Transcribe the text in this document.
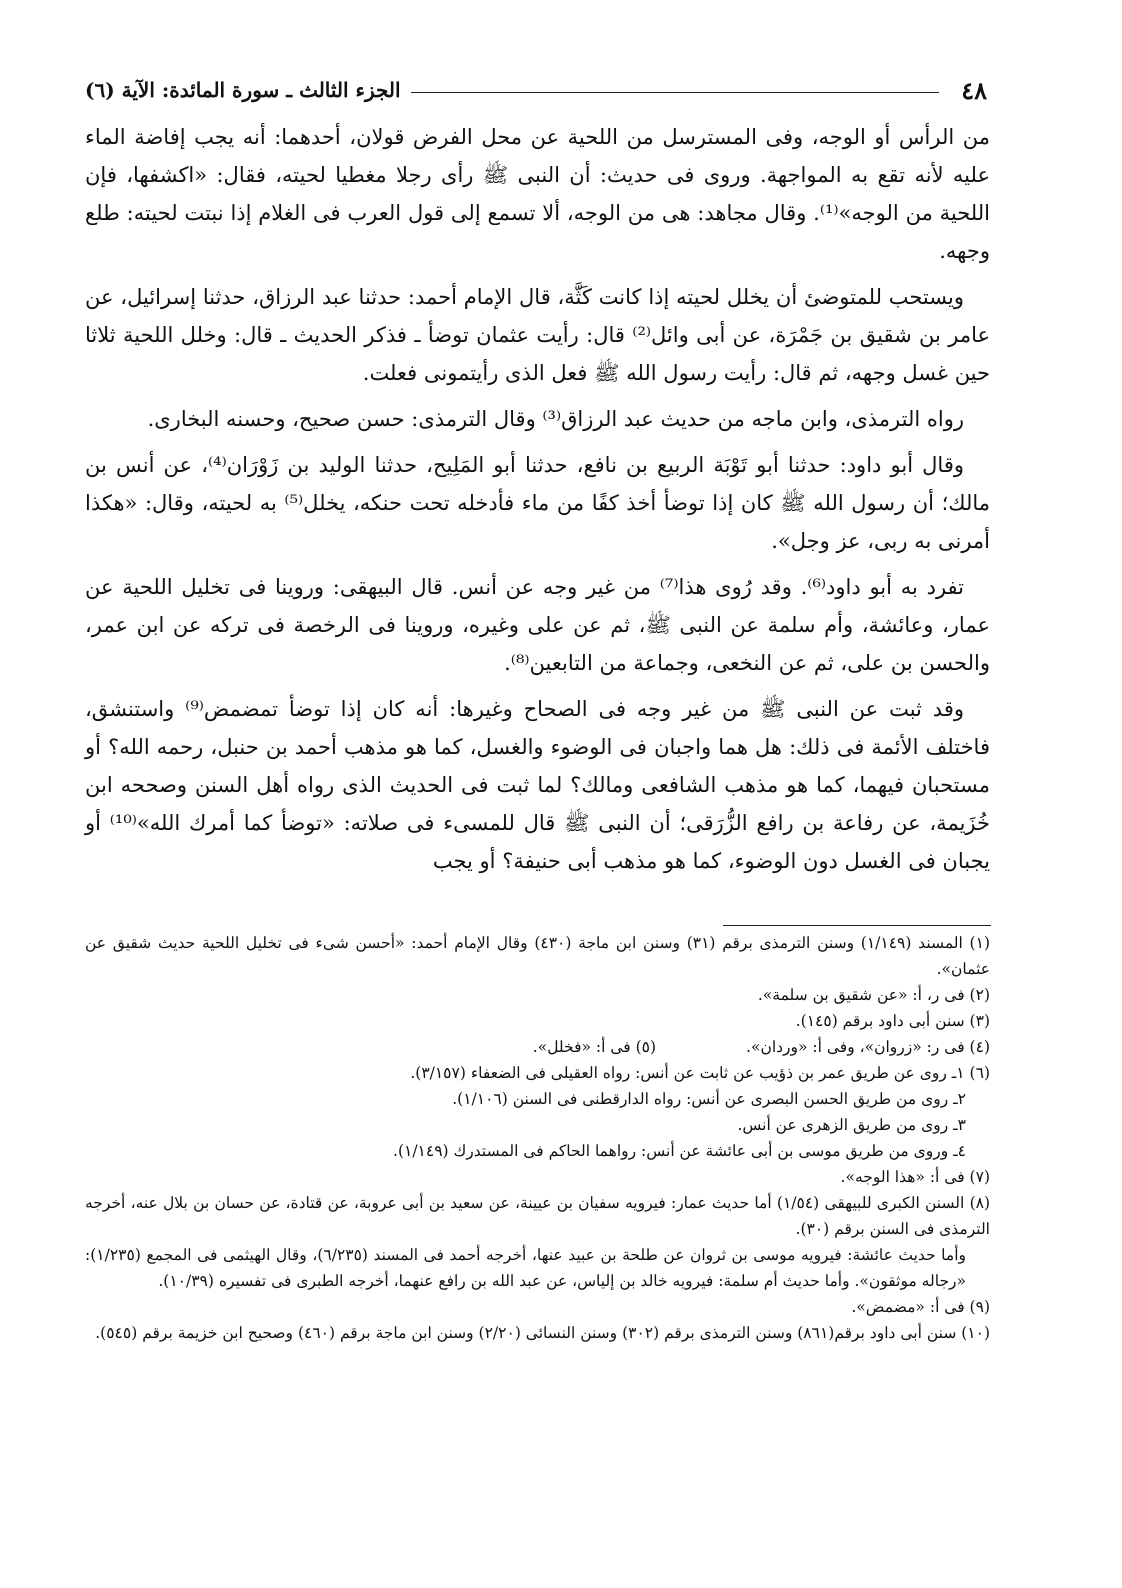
٤٨
الجزء الثالث ـ سورة المائدة: الآية (٦)

من الرأس أو الوجه، وفى المسترسل من اللحية عن محل الفرض قولان، أحدهما: أنه يجب إفاضة الماء عليه لأنه تقع به المواجهة. وروى فى حديث: أن النبى ﷺ رأى رجلا مغطيا لحيته، فقال: «اكشفها، فإن اللحية من الوجه»⁽¹⁾. وقال مجاهد: هى من الوجه، ألا تسمع إلى قول العرب فى الغلام إذا نبتت لحيته: طلع وجهه.

ويستحب للمتوضئ أن يخلل لحيته إذا كانت كَثَّة، قال الإمام أحمد: حدثنا عبد الرزاق، حدثنا إسرائيل، عن عامر بن شقيق بن جَمْرَة، عن أبى وائل⁽²⁾ قال: رأيت عثمان توضأ ـ فذكر الحديث ـ قال: وخلل اللحية ثلاثا حين غسل وجهه، ثم قال: رأيت رسول الله ﷺ فعل الذى رأيتمونى فعلت.

رواه الترمذى، وابن ماجه من حديث عبد الرزاق⁽³⁾ وقال الترمذى: حسن صحيح، وحسنه البخارى.

وقال أبو داود: حدثنا أبو تَوْبَة الربيع بن نافع، حدثنا أبو المَلِيح، حدثنا الوليد بن زَوْرَان⁽⁴⁾، عن أنس بن مالك؛ أن رسول الله ﷺ كان إذا توضأ أخذ كفًا من ماء فأدخله تحت حنكه، يخلل⁽⁵⁾ به لحيته، وقال: «هكذا أمرنى به ربى، عز وجل».

تفرد به أبو داود⁽⁶⁾. وقد رُوى هذا⁽⁷⁾ من غير وجه عن أنس. قال البيهقى: وروينا فى تخليل اللحية عن عمار، وعائشة، وأم سلمة عن النبى ﷺ، ثم عن على وغيره، وروينا فى الرخصة فى تركه عن ابن عمر، والحسن بن على، ثم عن النخعى، وجماعة من التابعين⁽⁸⁾.

وقد ثبت عن النبى ﷺ من غير وجه فى الصحاح وغيرها: أنه كان إذا توضأ تمضمض⁽⁹⁾ واستنشق، فاختلف الأئمة فى ذلك: هل هما واجبان فى الوضوء والغسل، كما هو مذهب أحمد بن حنبل، رحمه الله؟ أو مستحبان فيهما، كما هو مذهب الشافعى ومالك؟ لما ثبت فى الحديث الذى رواه أهل السنن وصححه ابن خُزَيمة، عن رفاعة بن رافع الزُّرَقى؛ أن النبى ﷺ قال للمسىء فى صلاته: «توضأ كما أمرك الله»⁽¹⁰⁾ أو يجبان فى الغسل دون الوضوء، كما هو مذهب أبى حنيفة؟ أو يجب

(١) المسند (١/١٤٩) وسنن الترمذى برقم (٣١) وسنن ابن ماجة (٤٣٠) وقال الإمام أحمد: «أحسن شىء فى تخليل اللحية حديث شقيق عن عثمان».

(٢) فى ر، أ: «عن شقيق بن سلمة».

(٣) سنن أبى داود برقم (١٤٥).

(٤) فى ر: «زروان»، وفى أ: «وردان».

(٥) فى أ: «فخلل».

(٦) ١ـ روى عن طريق عمر بن ذؤيب عن ثابت عن أنس: رواه العقيلى فى الضعفاء (٣/١٥٧).

٢ـ روى من طريق الحسن البصرى عن أنس: رواه الدارقطنى فى السنن (١/١٠٦).

٣ـ روى من طريق الزهرى عن أنس.

٤ـ وروى من طريق موسى بن أبى عائشة عن أنس: رواهما الحاكم فى المستدرك (١/١٤٩).

(٧) فى أ: «هذا الوجه».

(٨) السنن الكبرى للبيهقى (١/٥٤) أما حديث عمار: فيرويه سفيان بن عيينة، عن سعيد بن أبى عروبة، عن قتادة، عن حسان بن بلال عنه، أخرجه الترمذى فى السنن برقم (٣٠).

وأما حديث عائشة: فيرويه موسى بن ثروان عن طلحة بن عبيد عنها، أخرجه أحمد فى المسند (٦/٢٣٥)، وقال الهيثمى فى المجمع (١/٢٣٥): «رجاله موثقون». وأما حديث أم سلمة: فيرويه خالد بن إلياس، عن عبد الله بن رافع عنهما، أخرجه الطبرى فى تفسيره (١٠/٣٩).

(٩) فى أ: «مضمض».

(١٠) سنن أبى داود برقم(٨٦١) وسنن الترمذى برقم (٣٠٢) وسنن النسائى (٢/٢٠) وسنن ابن ماجة برقم (٤٦٠) وصحيح ابن خزيمة برقم (٥٤٥).
